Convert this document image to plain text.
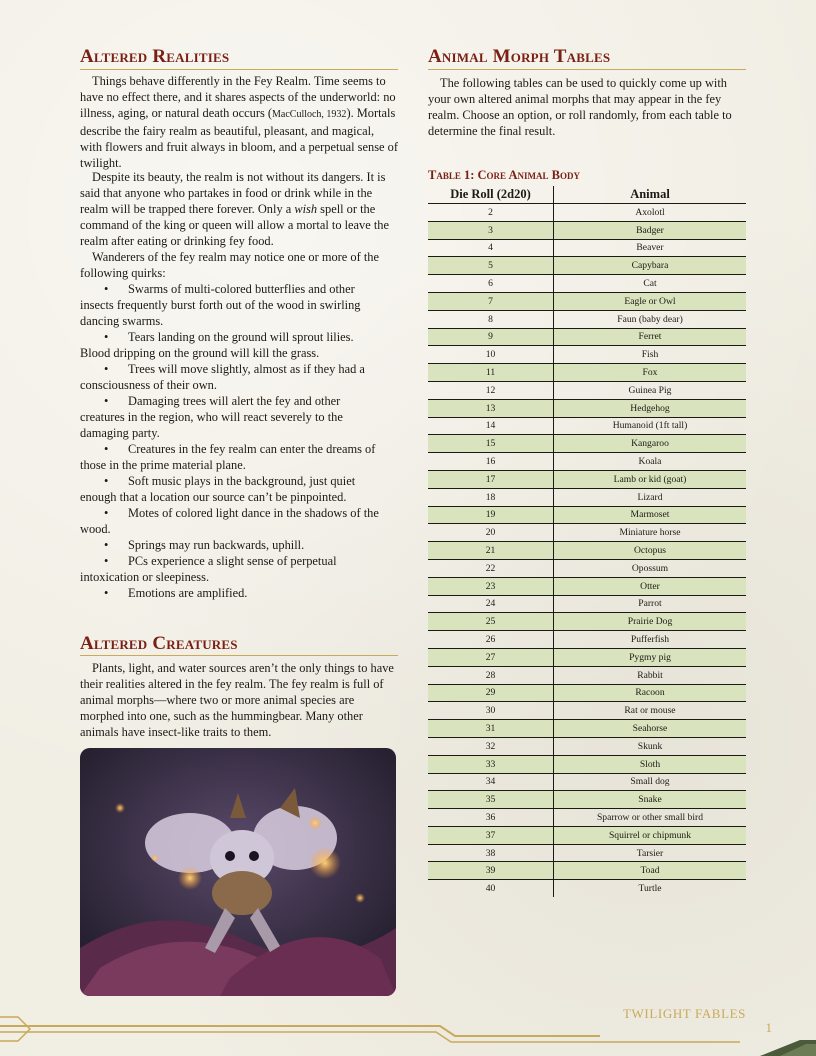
Altered Realities

Things behave differently in the Fey Realm. Time seems to have no effect there, and it shares aspects of the underworld: no illness, aging, or natural death occurs (MacCulloch, 1932). Mortals describe the fairy realm as beautiful, pleasant, and magical, with flowers and fruit always in bloom, and a perpetual sense of twilight.

Despite its beauty, the realm is not without its dangers. It is said that anyone who partakes in food or drink while in the realm will be trapped there forever. Only a wish spell or the command of the king or queen will allow a mortal to leave the realm after eating or drinking fey food.

Wanderers of the fey realm may notice one or more of the following quirks:

• Swarms of multi-colored butterflies and other insects frequently burst forth out of the wood in swirling dancing swarms.
• Tears landing on the ground will sprout lilies. Blood dripping on the ground will kill the grass.
• Trees will move slightly, almost as if they had a consciousness of their own.
• Damaging trees will alert the fey and other creatures in the region, who will react severely to the damaging party.
• Creatures in the fey realm can enter the dreams of those in the prime material plane.
• Soft music plays in the background, just quiet enough that a location our source can’t be pinpointed.
• Motes of colored light dance in the shadows of the wood.
• Springs may run backwards, uphill.
• PCs experience a slight sense of perpetual intoxication or sleepiness.
• Emotions are amplified.
Altered Creatures

Plants, light, and water sources aren’t the only things to have their realities altered in the fey realm. The fey realm is full of animal morphs—where two or more animal species are morphed into one, such as the hummingbear. Many other animals have insect-like traits to them.

Animal Morph Tables

The following tables can be used to quickly come up with your own altered animal morphs that may appear in the fey realm. Choose an option, or roll randomly, from each table to determine the final result.

Table 1: Core Animal Body
Die Roll (2d20)	Animal
2	Axolotl
3	Badger
4	Beaver
5	Capybara
6	Cat
7	Eagle or Owl
8	Faun (baby dear)
9	Ferret
10	Fish
11	Fox
12	Guinea Pig
13	Hedgehog
14	Humanoid (1ft tall)
15	Kangaroo
16	Koala
17	Lamb or kid (goat)
18	Lizard
19	Marmoset
20	Miniature horse
21	Octopus
22	Opossum
23	Otter
24	Parrot
25	Prairie Dog
26	Pufferfish
27	Pygmy pig
28	Rabbit
29	Racoon
30	Rat or mouse
31	Seahorse
32	Skunk
33	Sloth
34	Small dog
35	Snake
36	Sparrow or other small bird
37	Squirrel or chipmunk
38	Tarsier
39	Toad
40	Turtle
TWILIGHT FABLES
1
